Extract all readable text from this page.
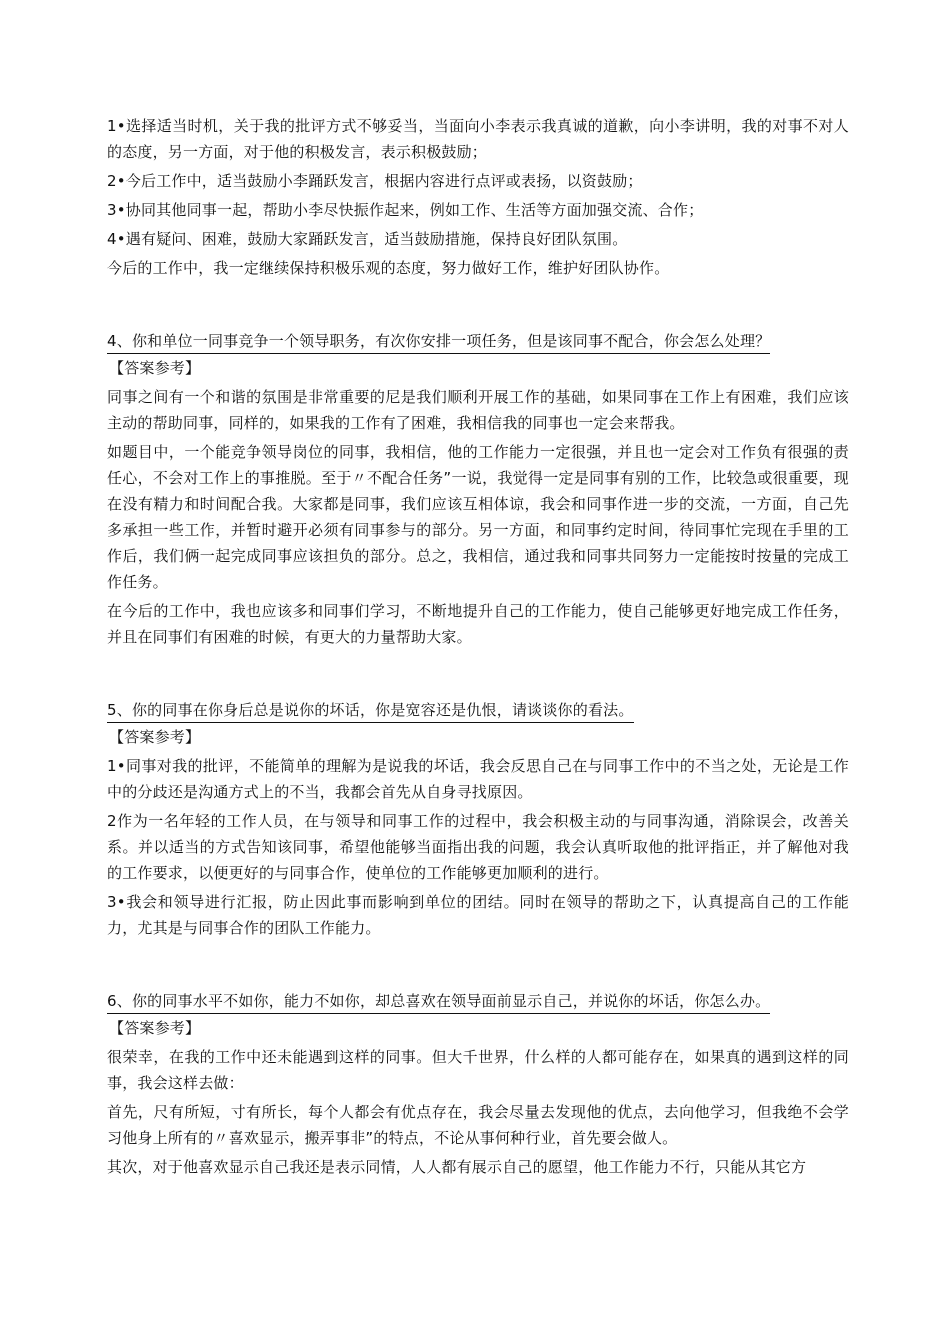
1•选择适当时机，关于我的批评方式不够妥当，当面向小李表示我真诚的道歉，向小李讲明，我的对事不对人的态度，另一方面，对于他的积极发言，表示积极鼓励；

2•今后工作中，适当鼓励小李踊跃发言，根据内容进行点评或表扬，以资鼓励；

3•协同其他同事一起，帮助小李尽快振作起来，例如工作、生活等方面加强交流、合作；

4•遇有疑问、困难，鼓励大家踊跃发言，适当鼓励措施，保持良好团队氛围。

今后的工作中，我一定继续保持积极乐观的态度，努力做好工作，维护好团队协作。

4、你和单位一同事竞争一个领导职务，有次你安排一项任务，但是该同事不配合，你会怎么处理？

【答案参考】

同事之间有一个和谐的氛围是非常重要的尼是我们顺利开展工作的基础，如果同事在工作上有困难，我们应该主动的帮助同事，同样的，如果我的工作有了困难，我相信我的同事也一定会来帮我。

如题目中，一个能竞争领导岗位的同事，我相信，他的工作能力一定很强，并且也一定会对工作负有很强的责任心，不会对工作上的事推脱。至于〃不配合任务”一说，我觉得一定是同事有别的工作，比较急或很重要，现在没有精力和时间配合我。大家都是同事，我们应该互相体谅，我会和同事作进一步的交流，一方面，自己先多承担一些工作，并暂时避开必须有同事参与的部分。另一方面，和同事约定时间，待同事忙完现在手里的工作后，我们俩一起完成同事应该担负的部分。总之，我相信，通过我和同事共同努力一定能按时按量的完成工作任务。

在今后的工作中，我也应该多和同事们学习，不断地提升自己的工作能力，使自己能够更好地完成工作任务，并且在同事们有困难的时候，有更大的力量帮助大家。

5、你的同事在你身后总是说你的坏话，你是宽容还是仇恨，请谈谈你的看法。

【答案参考】

1•同事对我的批评，不能简单的理解为是说我的坏话，我会反思自己在与同事工作中的不当之处，无论是工作中的分歧还是沟通方式上的不当，我都会首先从自身寻找原因。

2作为一名年轻的工作人员，在与领导和同事工作的过程中，我会积极主动的与同事沟通，消除误会，改善关系。并以适当的方式告知该同事，希望他能够当面指出我的问题，我会认真听取他的批评指正，并了解他对我的工作要求，以便更好的与同事合作，使单位的工作能够更加顺利的进行。

3•我会和领导进行汇报，防止因此事而影响到单位的团结。同时在领导的帮助之下，认真提高自己的工作能力，尤其是与同事合作的团队工作能力。

6、你的同事水平不如你，能力不如你，却总喜欢在领导面前显示自己，并说你的坏话，你怎么办。

【答案参考】

很荣幸，在我的工作中还未能遇到这样的同事。但大千世界，什么样的人都可能存在，如果真的遇到这样的同事，我会这样去做：

首先，尺有所短，寸有所长，每个人都会有优点存在，我会尽量去发现他的优点，去向他学习，但我绝不会学习他身上所有的〃喜欢显示，搬弄事非”的特点，不论从事何种行业，首先要会做人。

其次，对于他喜欢显示自己我还是表示同情，人人都有展示自己的愿望，他工作能力不行，只能从其它方
